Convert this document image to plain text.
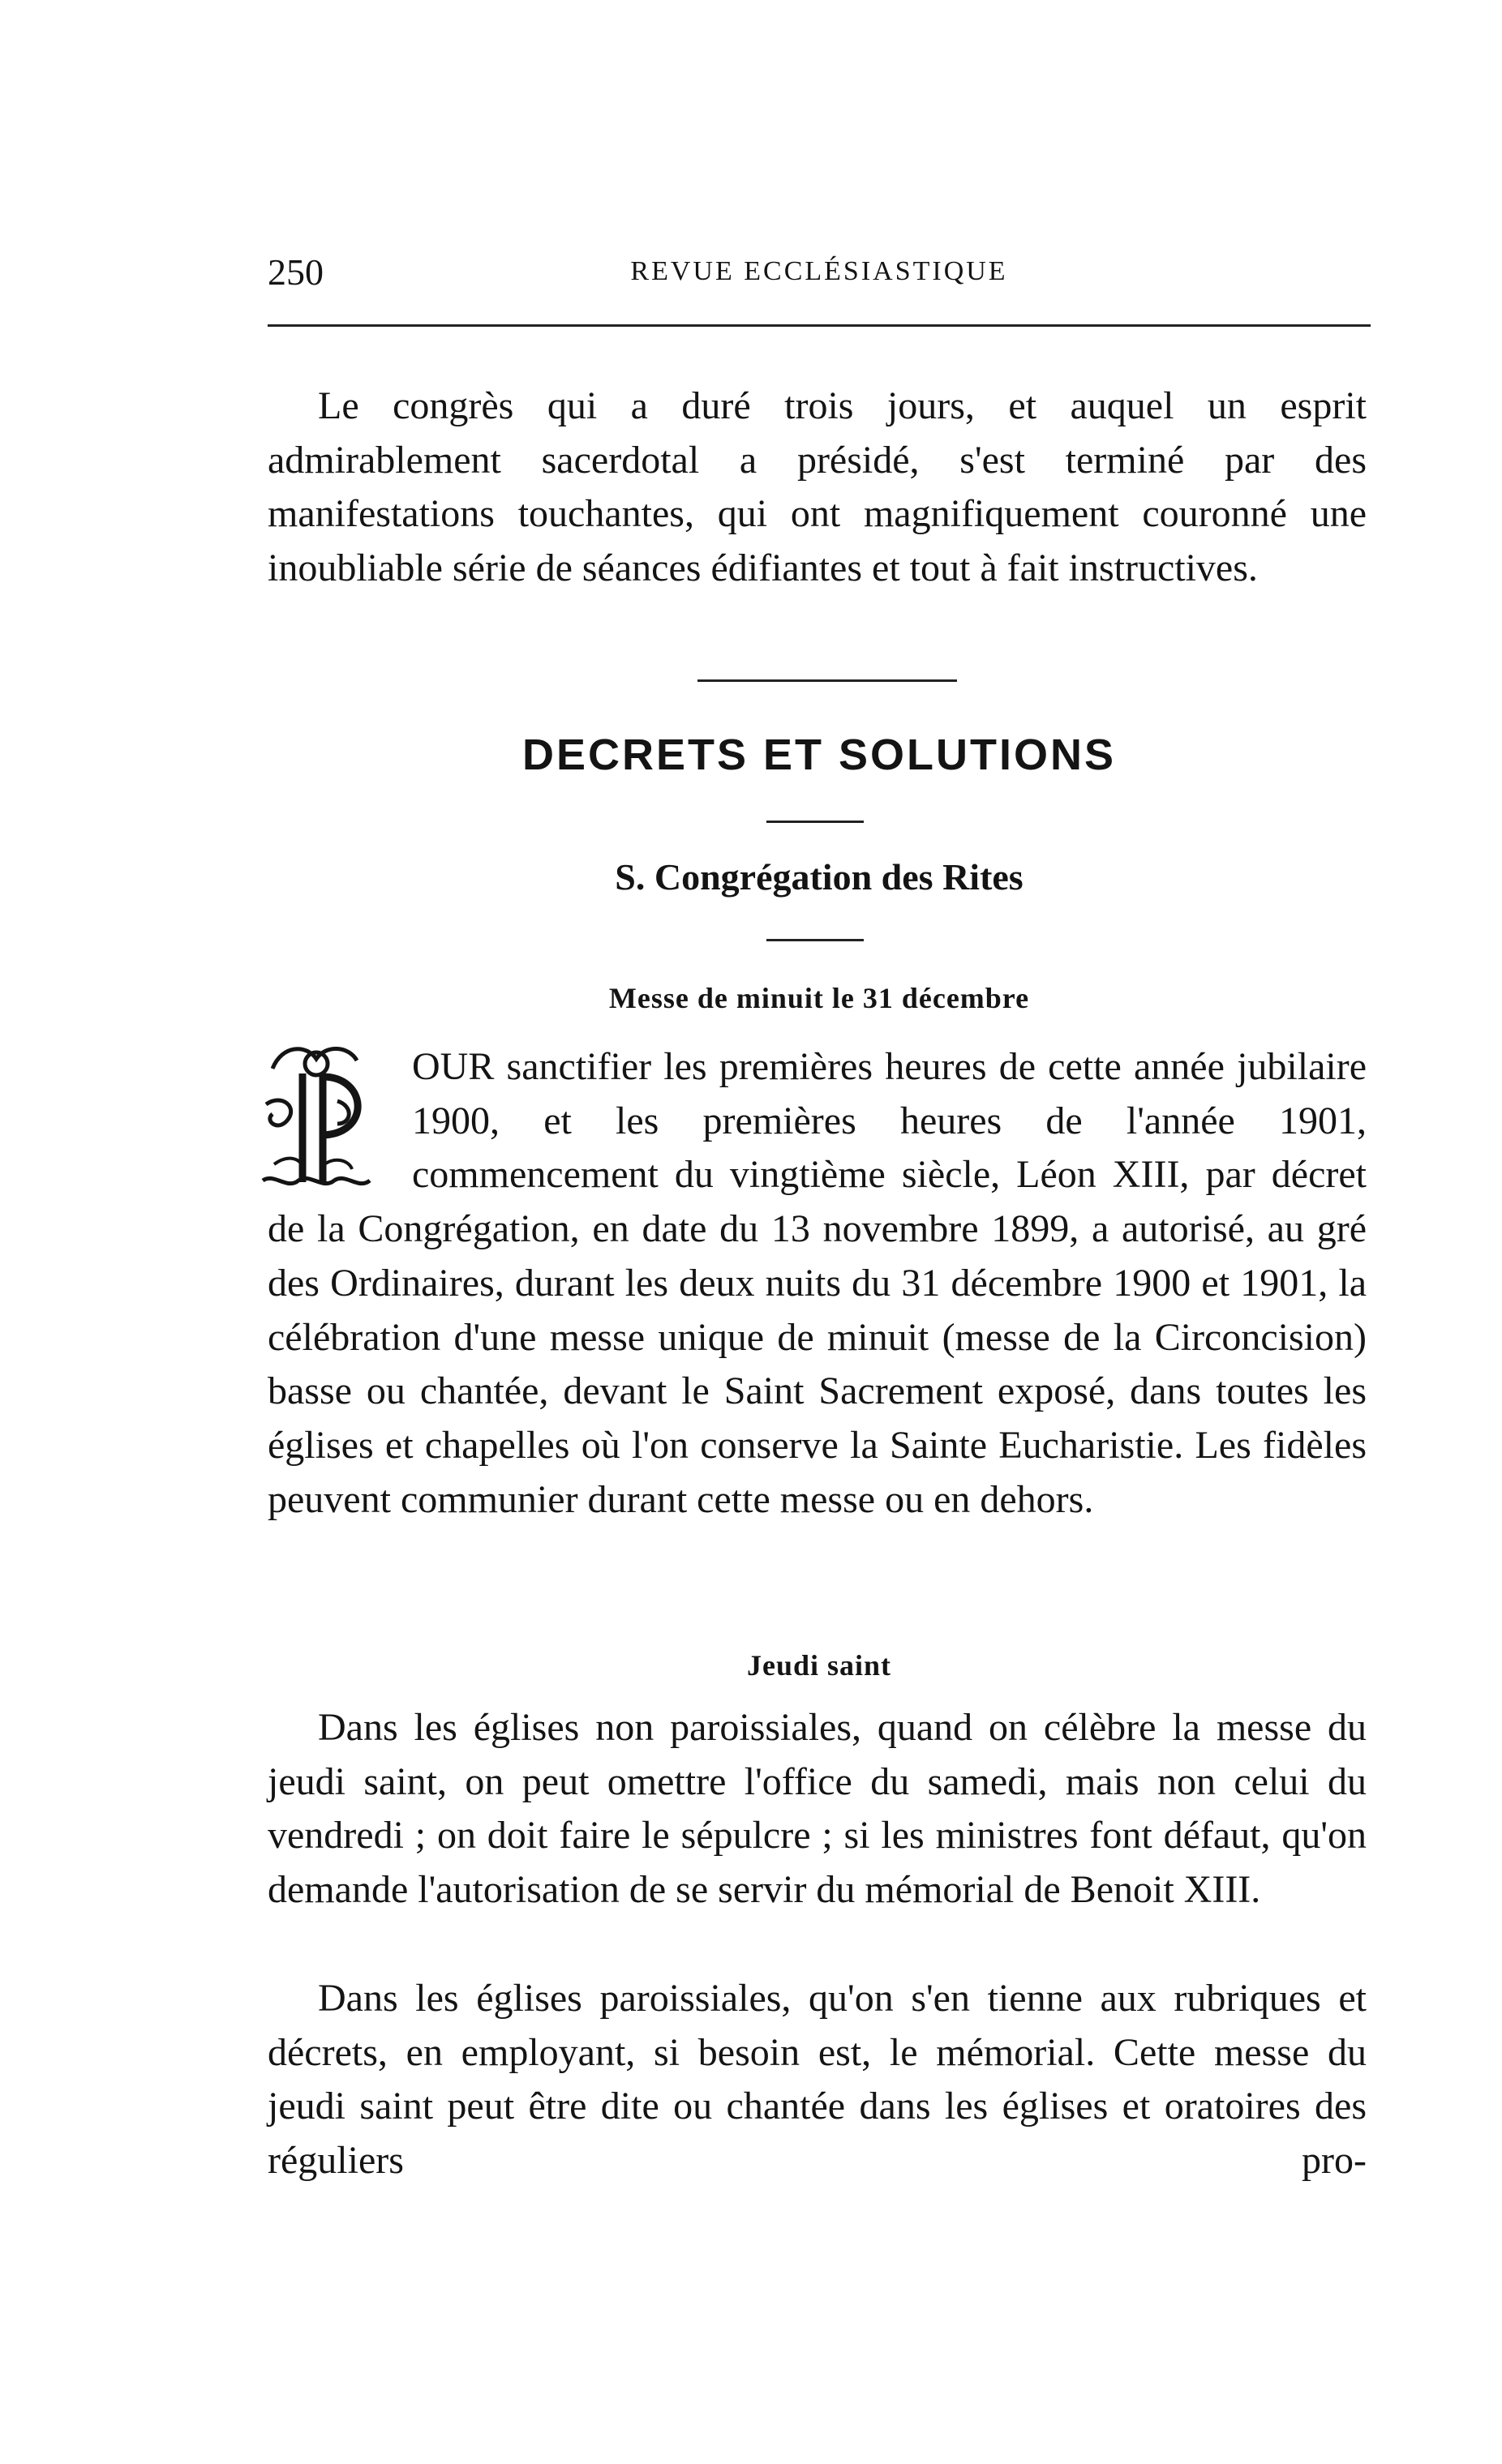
250	REVUE ECCLÉSIASTIQUE

Le congrès qui a duré trois jours, et auquel un esprit admirablement sacerdotal a présidé, s'est terminé par des manifestations touchantes, qui ont magnifiquement couronné une inoubliable série de séances édifiantes et tout à fait instructives.

DECRETS ET SOLUTIONS
S. Congrégation des Rites
Messe de minuit le 31 décembre

OUR sanctifier les premières heures de cette année jubilaire 1900, et les premières heures de l'année 1901, commencement du vingtième siècle, Léon XIII, par décret de la Congrégation, en date du 13 novembre 1899, a autorisé, au gré des Ordinaires, durant les deux nuits du 31 décembre 1900 et 1901, la célébration d'une messe unique de minuit (messe de la Circoncision) basse ou chantée, devant le Saint Sacrement exposé, dans toutes les églises et chapelles où l'on conserve la Sainte Eucharistie. Les fidèles peuvent communier durant cette messe ou en dehors.

Jeudi saint

Dans les églises non paroissiales, quand on célèbre la messe du jeudi saint, on peut omettre l'office du samedi, mais non celui du vendredi ; on doit faire le sépulcre ; si les ministres font défaut, qu'on demande l'autorisation de se servir du mémorial de Benoit XIII.

Dans les églises paroissiales, qu'on s'en tienne aux rubriques et décrets, en employant, si besoin est, le mémorial. Cette messe du jeudi saint peut être dite ou chantée dans les églises et oratoires des réguliers pro-
